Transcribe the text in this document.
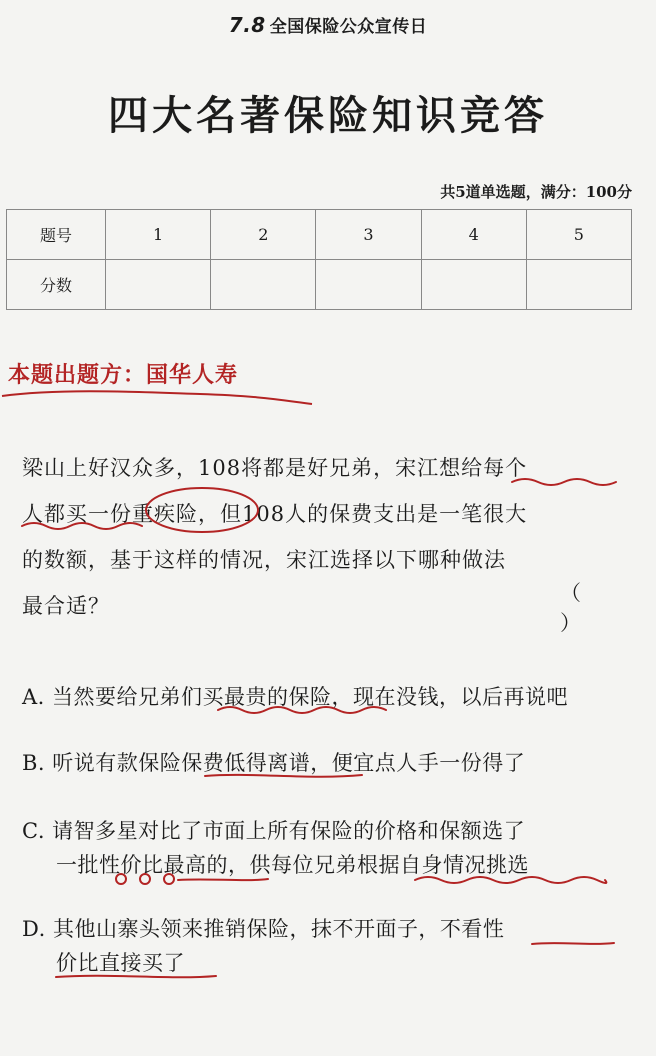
7.8 全国保险公众宣传日
四大名著保险知识竞答
共5道单选题，满分：100分
题号	1	2	3	4	5
分数					
本题出题方：国华人寿
梁山上好汉众多，108将都是好兄弟，宋江想给每个
人都买一份重疾险，但108人的保费支出是一笔很大
的数额，基于这样的情况，宋江选择以下哪种做法
最合适？
（ ）
A. 当然要给兄弟们买最贵的保险，现在没钱，以后再说吧
B. 听说有款保险保费低得离谱，便宜点人手一份得了
C. 请智多星对比了市面上所有保险的价格和保额选了
一批性价比最高的，供每位兄弟根据自身情况挑选
D. 其他山寨头领来推销保险，抹不开面子，不看性
价比直接买了
